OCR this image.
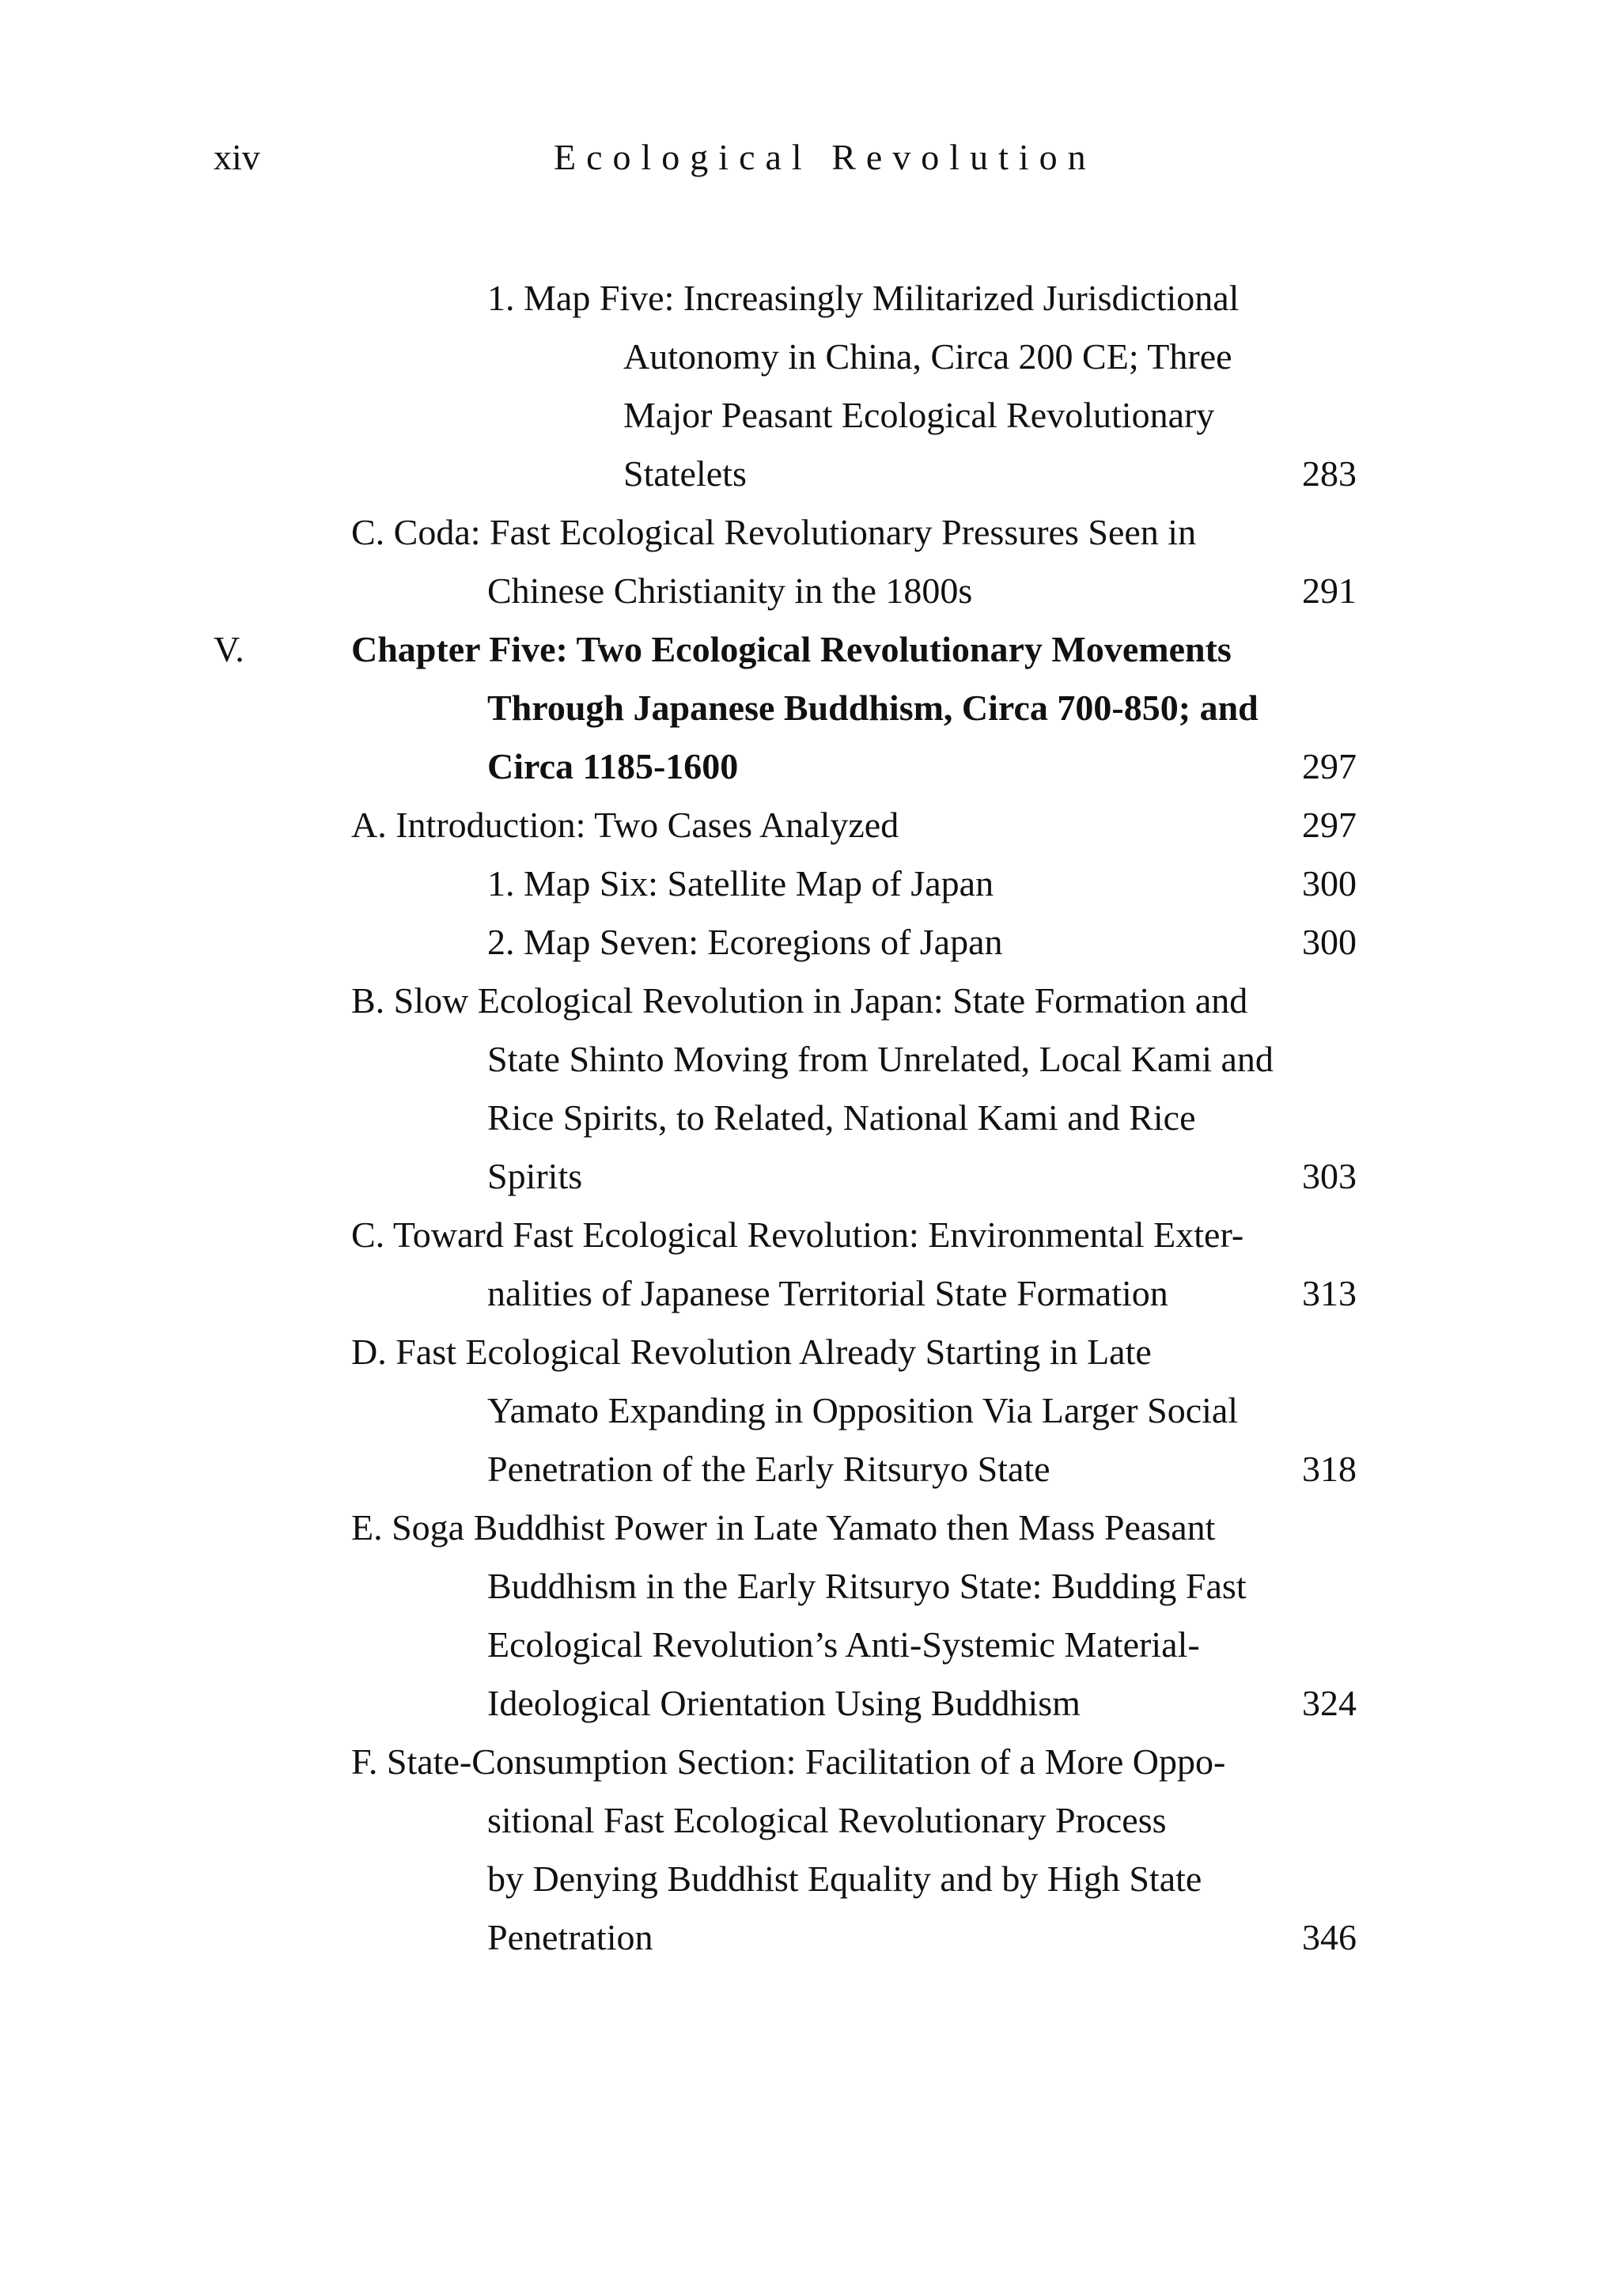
xiv	Ecological Revolution
1. Map Five: Increasingly Militarized Jurisdictional
Autonomy in China, Circa 200 CE; Three
Major Peasant Ecological Revolutionary
Statelets	283
C. Coda: Fast Ecological Revolutionary Pressures Seen in
Chinese Christianity in the 1800s	291
V.	Chapter Five: Two Ecological Revolutionary Movements
Through Japanese Buddhism, Circa 700-850; and
Circa 1185-1600	297
A. Introduction: Two Cases Analyzed	297
1. Map Six: Satellite Map of Japan	300
2. Map Seven: Ecoregions of Japan	300
B. Slow Ecological Revolution in Japan: State Formation and
State Shinto Moving from Unrelated, Local Kami and
Rice Spirits, to Related, National Kami and Rice
Spirits	303
C. Toward Fast Ecological Revolution: Environmental Exter-
nalities of Japanese Territorial State Formation	313
D. Fast Ecological Revolution Already Starting in Late
Yamato Expanding in Opposition Via Larger Social
Penetration of the Early Ritsuryo State	318
E. Soga Buddhist Power in Late Yamato then Mass Peasant
Buddhism in the Early Ritsuryo State: Budding Fast
Ecological Revolution’s Anti-Systemic Material-
Ideological Orientation Using Buddhism	324
F. State-Consumption Section: Facilitation of a More Oppo-
sitional Fast Ecological Revolutionary Process
by Denying Buddhist Equality and by High State
Penetration	346
